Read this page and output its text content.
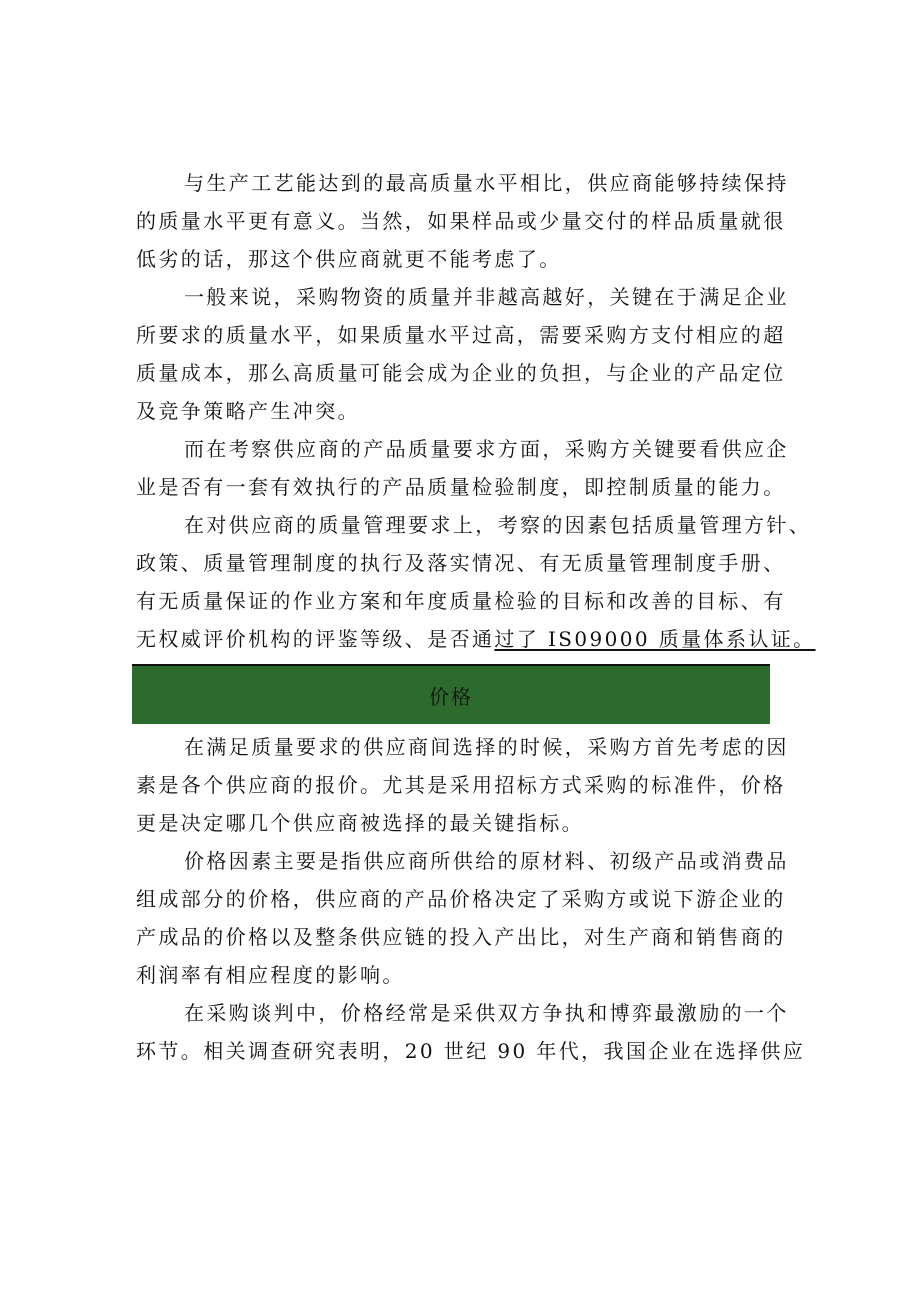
与生产工艺能达到的最高质量水平相比，供应商能够持续保持
的质量水平更有意义。当然，如果样品或少量交付的样品质量就很
低劣的话，那这个供应商就更不能考虑了。
一般来说，采购物资的质量并非越高越好，关键在于满足企业
所要求的质量水平，如果质量水平过高，需要采购方支付相应的超
质量成本，那么高质量可能会成为企业的负担，与企业的产品定位
及竞争策略产生冲突。
而在考察供应商的产品质量要求方面，采购方关键要看供应企
业是否有一套有效执行的产品质量检验制度，即控制质量的能力。
在对供应商的质量管理要求上，考察的因素包括质量管理方针、
政策、质量管理制度的执行及落实情况、有无质量管理制度手册、
有无质量保证的作业方案和年度质量检验的目标和改善的目标、有
无权威评价机构的评鉴等级、是否通过了 IS09000 质量体系认证。
价格
在满足质量要求的供应商间选择的时候，采购方首先考虑的因
素是各个供应商的报价。尤其是采用招标方式采购的标准件，价格
更是决定哪几个供应商被选择的最关键指标。
价格因素主要是指供应商所供给的原材料、初级产品或消费品
组成部分的价格，供应商的产品价格决定了采购方或说下游企业的
产成品的价格以及整条供应链的投入产出比，对生产商和销售商的
利润率有相应程度的影响。
在采购谈判中，价格经常是采供双方争执和博弈最激励的一个
环节。相关调查研究表明，20 世纪 90 年代，我国企业在选择供应
